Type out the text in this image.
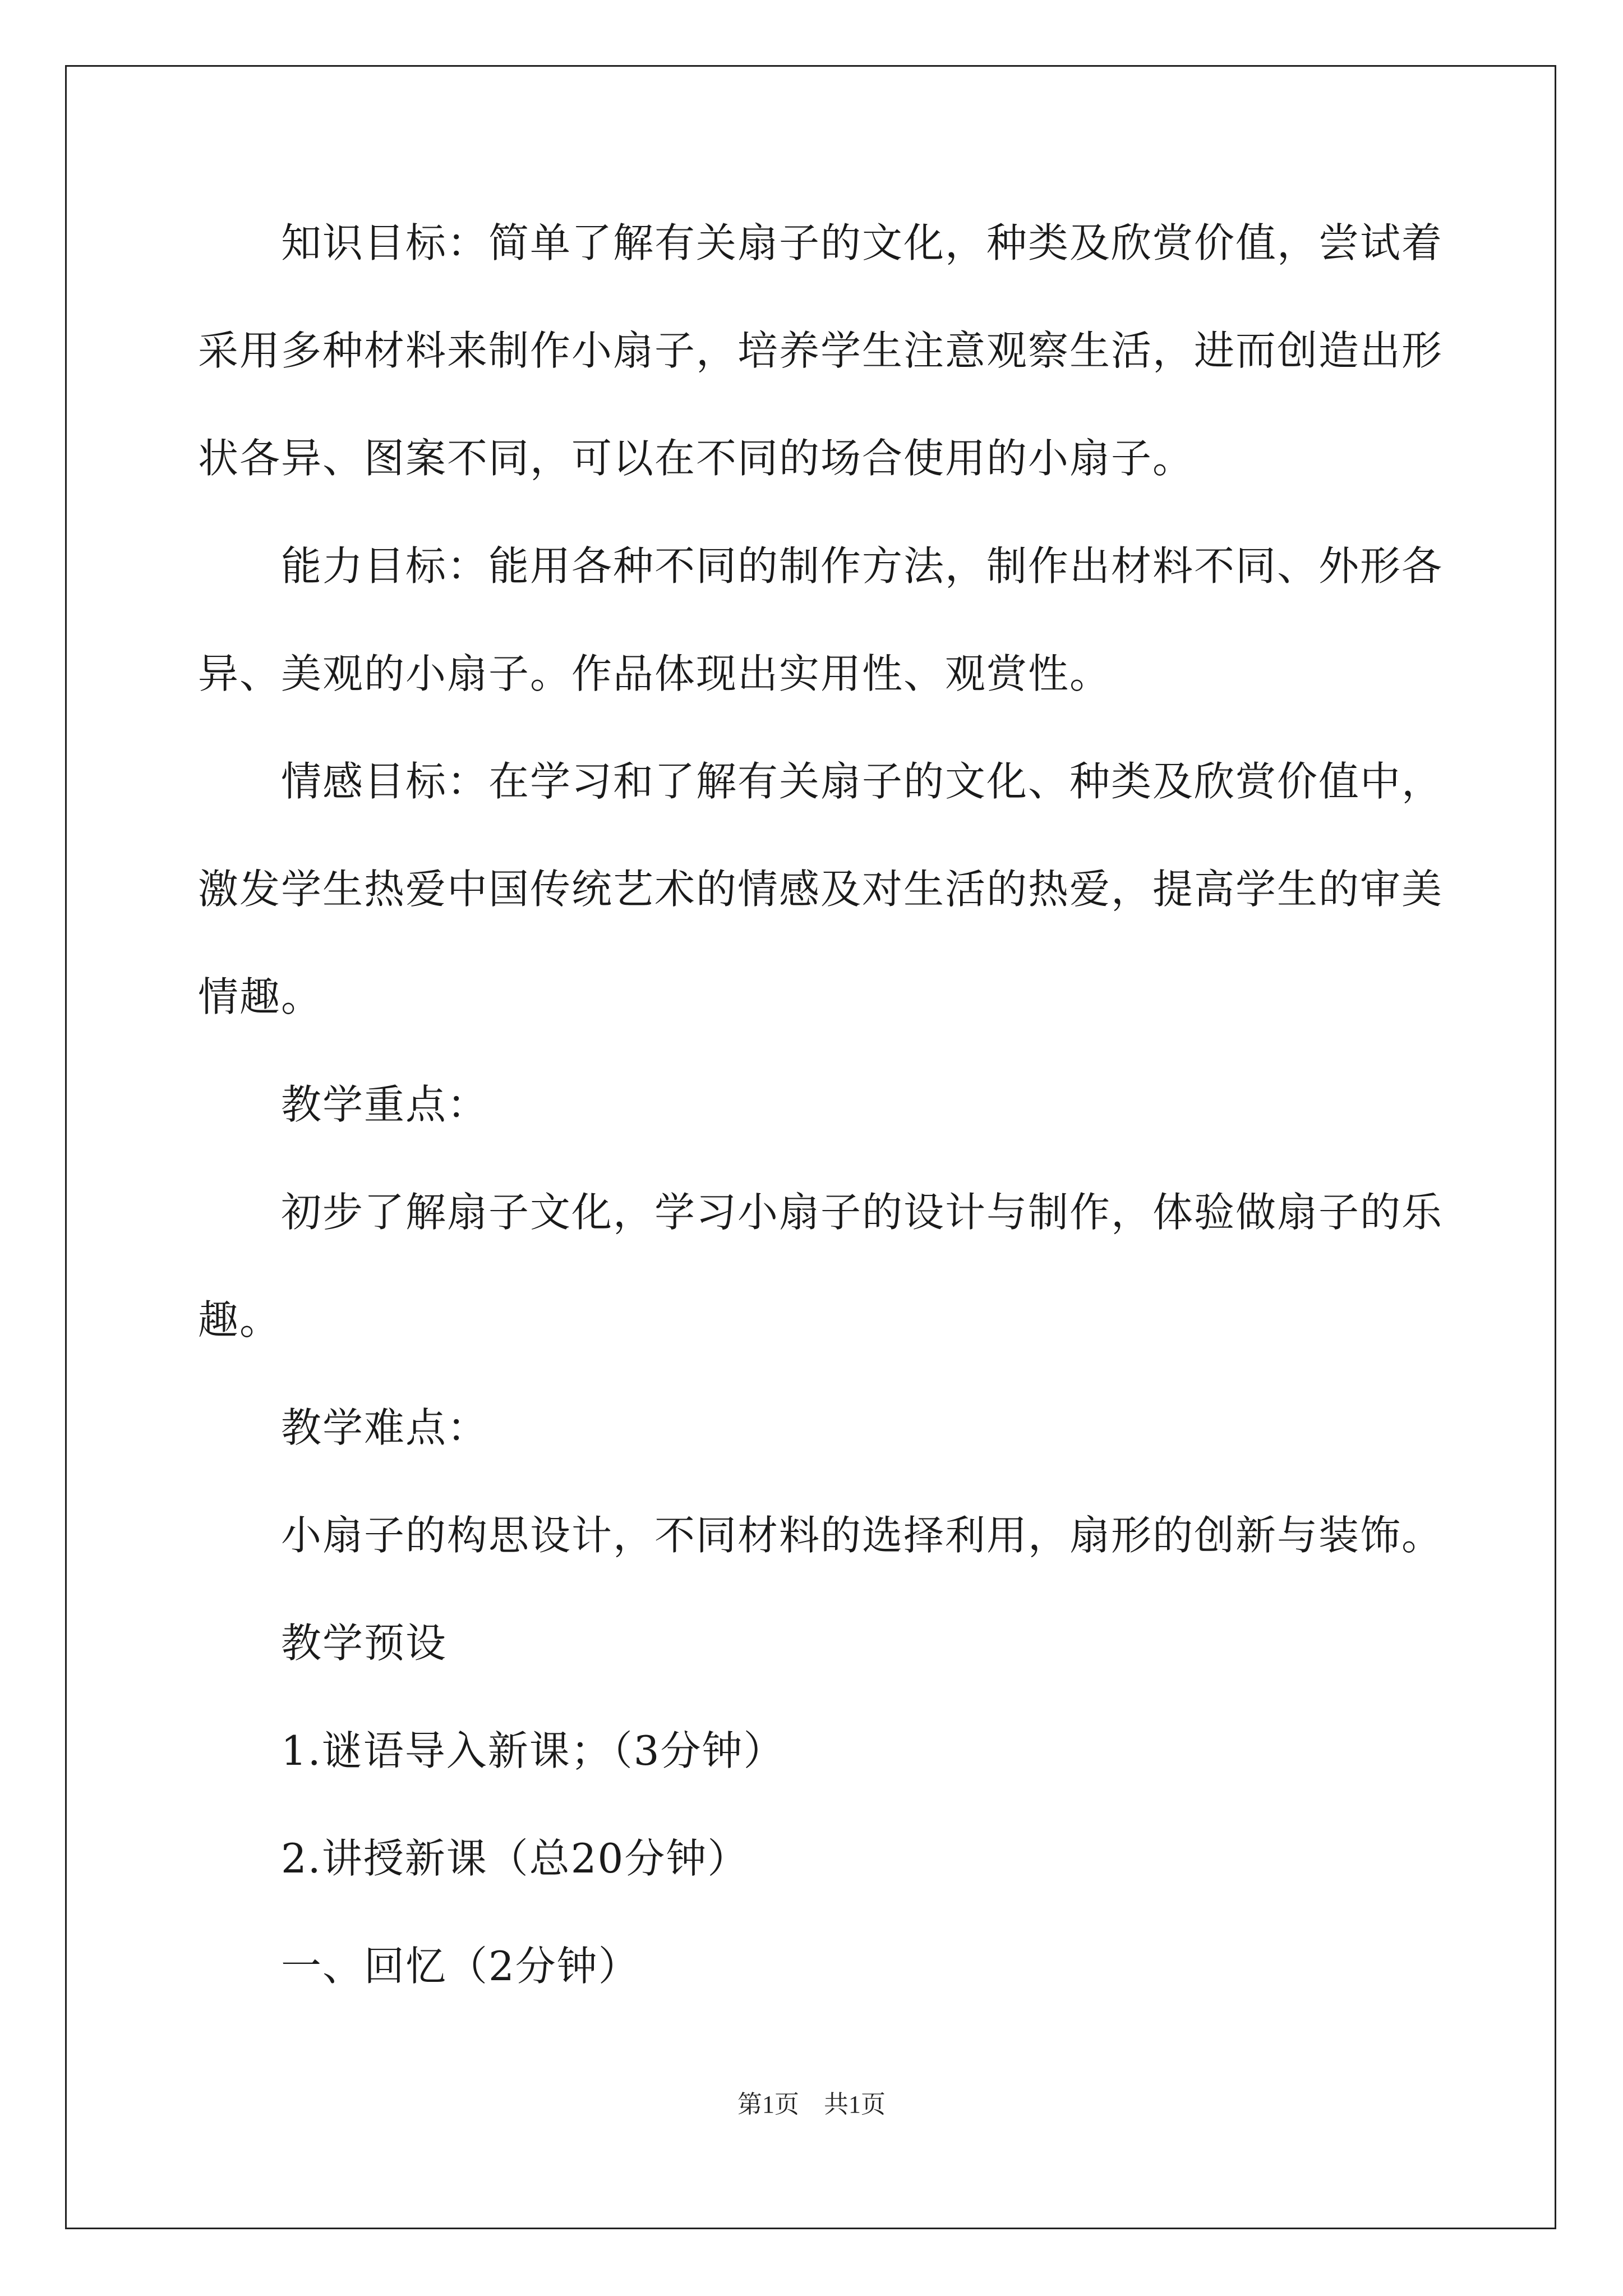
知识目标：简单了解有关扇子的文化，种类及欣赏价值，尝试着
采用多种材料来制作小扇子，培养学生注意观察生活，进而创造出形
状各异、图案不同，可以在不同的场合使用的小扇子。
能力目标：能用各种不同的制作方法，制作出材料不同、外形各
异、美观的小扇子。作品体现出实用性、观赏性。
情感目标：在学习和了解有关扇子的文化、种类及欣赏价值中，
激发学生热爱中国传统艺术的情感及对生活的热爱，提高学生的审美
情趣。
教学重点：
初步了解扇子文化，学习小扇子的设计与制作，体验做扇子的乐
趣。
教学难点：
小扇子的构思设计，不同材料的选择利用，扇形的创新与装饰。
教学预设
1.谜语导入新课；（3分钟）
2.讲授新课（总20分钟）
一、回忆（2分钟）
第1页　共1页
